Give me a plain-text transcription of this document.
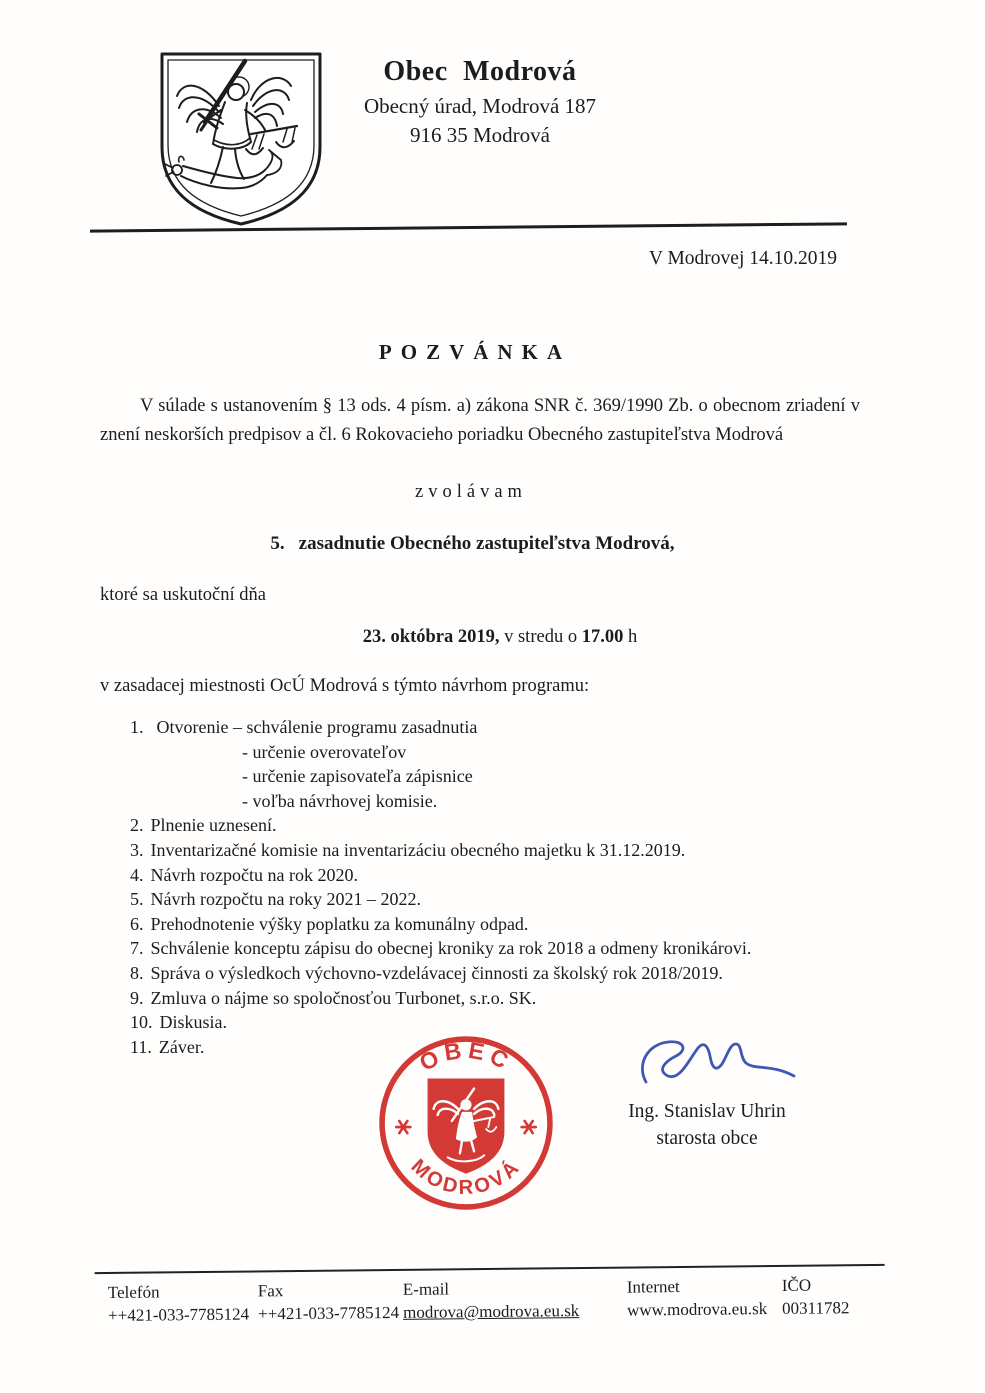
Obec Modrová
Obecný úrad, Modrová 187
916 35 Modrová
V Modrovej 14.10.2019
POZVÁNKA
V súlade s ustanovením § 13 ods. 4 písm. a) zákona SNR č. 369/1990 Zb. o obecnom zriadení v znení neskorších predpisov a čl. 6 Rokovacieho poriadku Obecného zastupiteľstva Modrová
zvolávam
5. zasadnutie Obecného zastupiteľstva Modrová,
ktoré sa uskutoční dňa
23. októbra 2019, v stredu o 17.00 h
v zasadacej miestnosti OcÚ Modrová s týmto návrhom programu:
1. Otvorenie – schválenie programu zasadnutia
- určenie overovateľov
- určenie zapisovateľa zápisnice
- voľba návrhovej komisie.
2. Plnenie uznesení.
3. Inventarizačné komisie na inventarizáciu obecného majetku k 31.12.2019.
4. Návrh rozpočtu na rok 2020.
5. Návrh rozpočtu na roky 2021 – 2022.
6. Prehodnotenie výšky poplatku za komunálny odpad.
7. Schválenie konceptu zápisu do obecnej kroniky za rok 2018 a odmeny kronikárovi.
8. Správa o výsledkoch výchovno-vzdelávacej činnosti za školský rok 2018/2019.
9. Zmluva o nájme so spoločnosťou Turbonet, s.r.o. SK.
10. Diskusia.
11. Záver.	OBEC
MODROVÁ
Ing. Stanislav Uhrin
starosta obce
Telefón
++421-033-7785124
Fax
++421-033-7785124
E-mail
modrova@modrova.eu.sk
Internet
www.modrova.eu.sk
IČO
00311782
